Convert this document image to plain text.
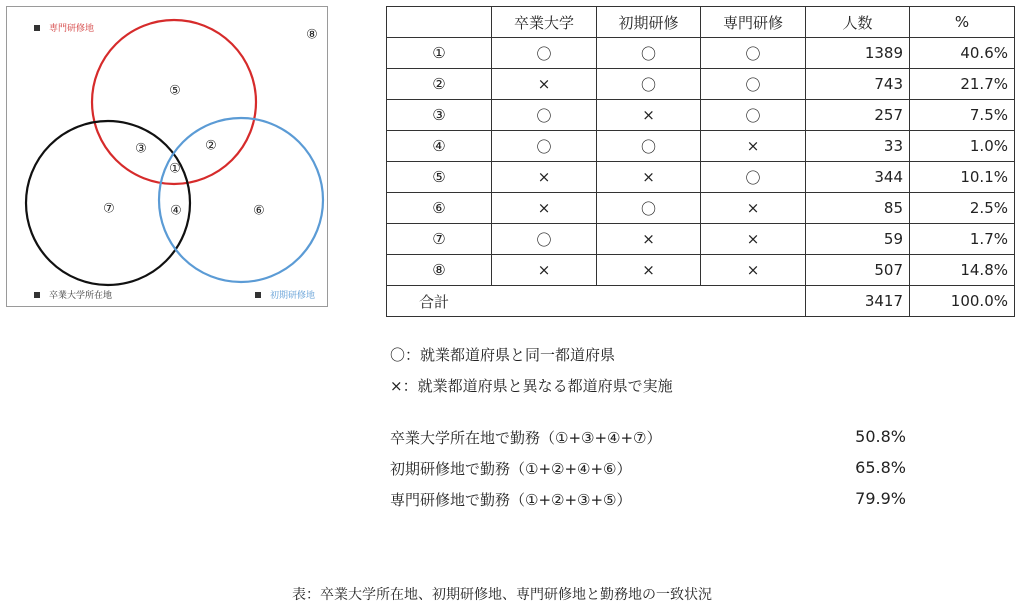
専門研修地
卒業大学所在地	初期研修地
①
②
③
④
⑤
⑥
⑦
⑧
	卒業大学	初期研修	専門研修	人数	%
①	〇	〇	〇	1389	40.6%
②	×	〇	〇	743	21.7%
③	〇	×	〇	257	7.5%
④	〇	〇	×	33	1.0%
⑤	×	×	〇	344	10.1%
⑥	×	〇	×	85	2.5%
⑦	〇	×	×	59	1.7%
⑧	×	×	×	507	14.8%
合計				3417	100.0%
〇：就業都道府県と同一都道府県
×：就業都道府県と異なる都道府県で実施
卒業大学所在地で勤務（①+③+④+⑦）	50.8%
初期研修地で勤務（①+②+④+⑥）	65.8%
専門研修地で勤務（①+②+③+⑤）	79.9%
表：卒業大学所在地、初期研修地、専門研修地と勤務地の一致状況
